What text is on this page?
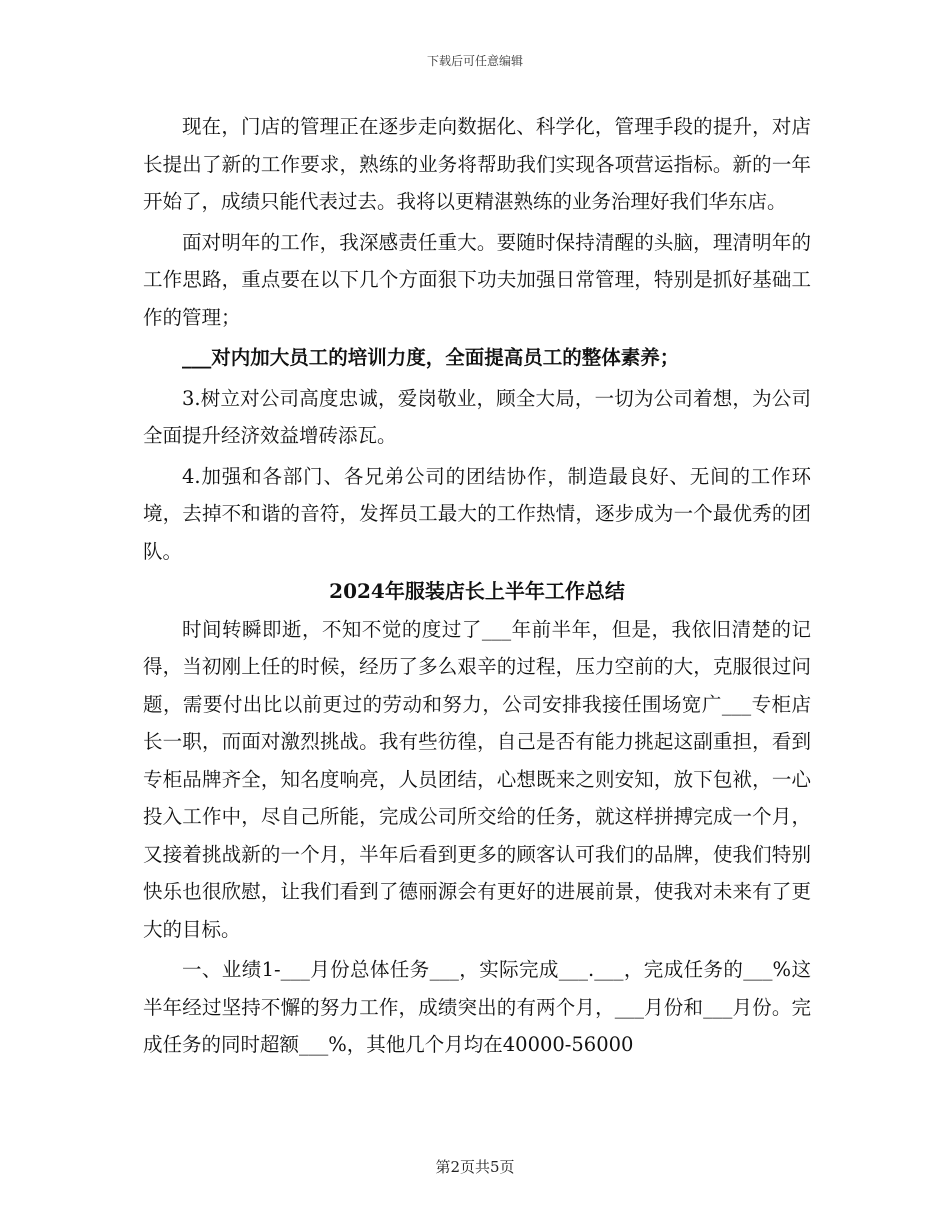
下载后可任意编辑

现在，门店的管理正在逐步走向数据化、科学化，管理手段的提升，对店长提出了新的工作要求，熟练的业务将帮助我们实现各项营运指标。新的一年开始了，成绩只能代表过去。我将以更精湛熟练的业务治理好我们华东店。

面对明年的工作，我深感责任重大。要随时保持清醒的头脑，理清明年的工作思路，重点要在以下几个方面狠下功夫加强日常管理，特别是抓好基础工作的管理；

___对内加大员工的培训力度，全面提高员工的整体素养；

3.树立对公司高度忠诚，爱岗敬业，顾全大局，一切为公司着想，为公司全面提升经济效益增砖添瓦。

4.加强和各部门、各兄弟公司的团结协作，制造最良好、无间的工作环境，去掉不和谐的音符，发挥员工最大的工作热情，逐步成为一个最优秀的团队。

2024年服装店长上半年工作总结

时间转瞬即逝，不知不觉的度过了___年前半年，但是，我依旧清楚的记得，当初刚上任的时候，经历了多么艰辛的过程，压力空前的大，克服很过问题，需要付出比以前更过的劳动和努力，公司安排我接任围场宽广___专柜店长一职，而面对激烈挑战。我有些彷徨，自己是否有能力挑起这副重担，看到专柜品牌齐全，知名度响亮，人员团结，心想既来之则安知，放下包袱，一心投入工作中，尽自己所能，完成公司所交给的任务，就这样拼搏完成一个月，又接着挑战新的一个月，半年后看到更多的顾客认可我们的品牌，使我们特别快乐也很欣慰，让我们看到了德丽源会有更好的进展前景，使我对未来有了更大的目标。

一、业绩1-___月份总体任务___，实际完成___.___，完成任务的___%这半年经过坚持不懈的努力工作，成绩突出的有两个月，___月份和___月份。完成任务的同时超额___%，其他几个月均在40000-56000

第2页共5页
